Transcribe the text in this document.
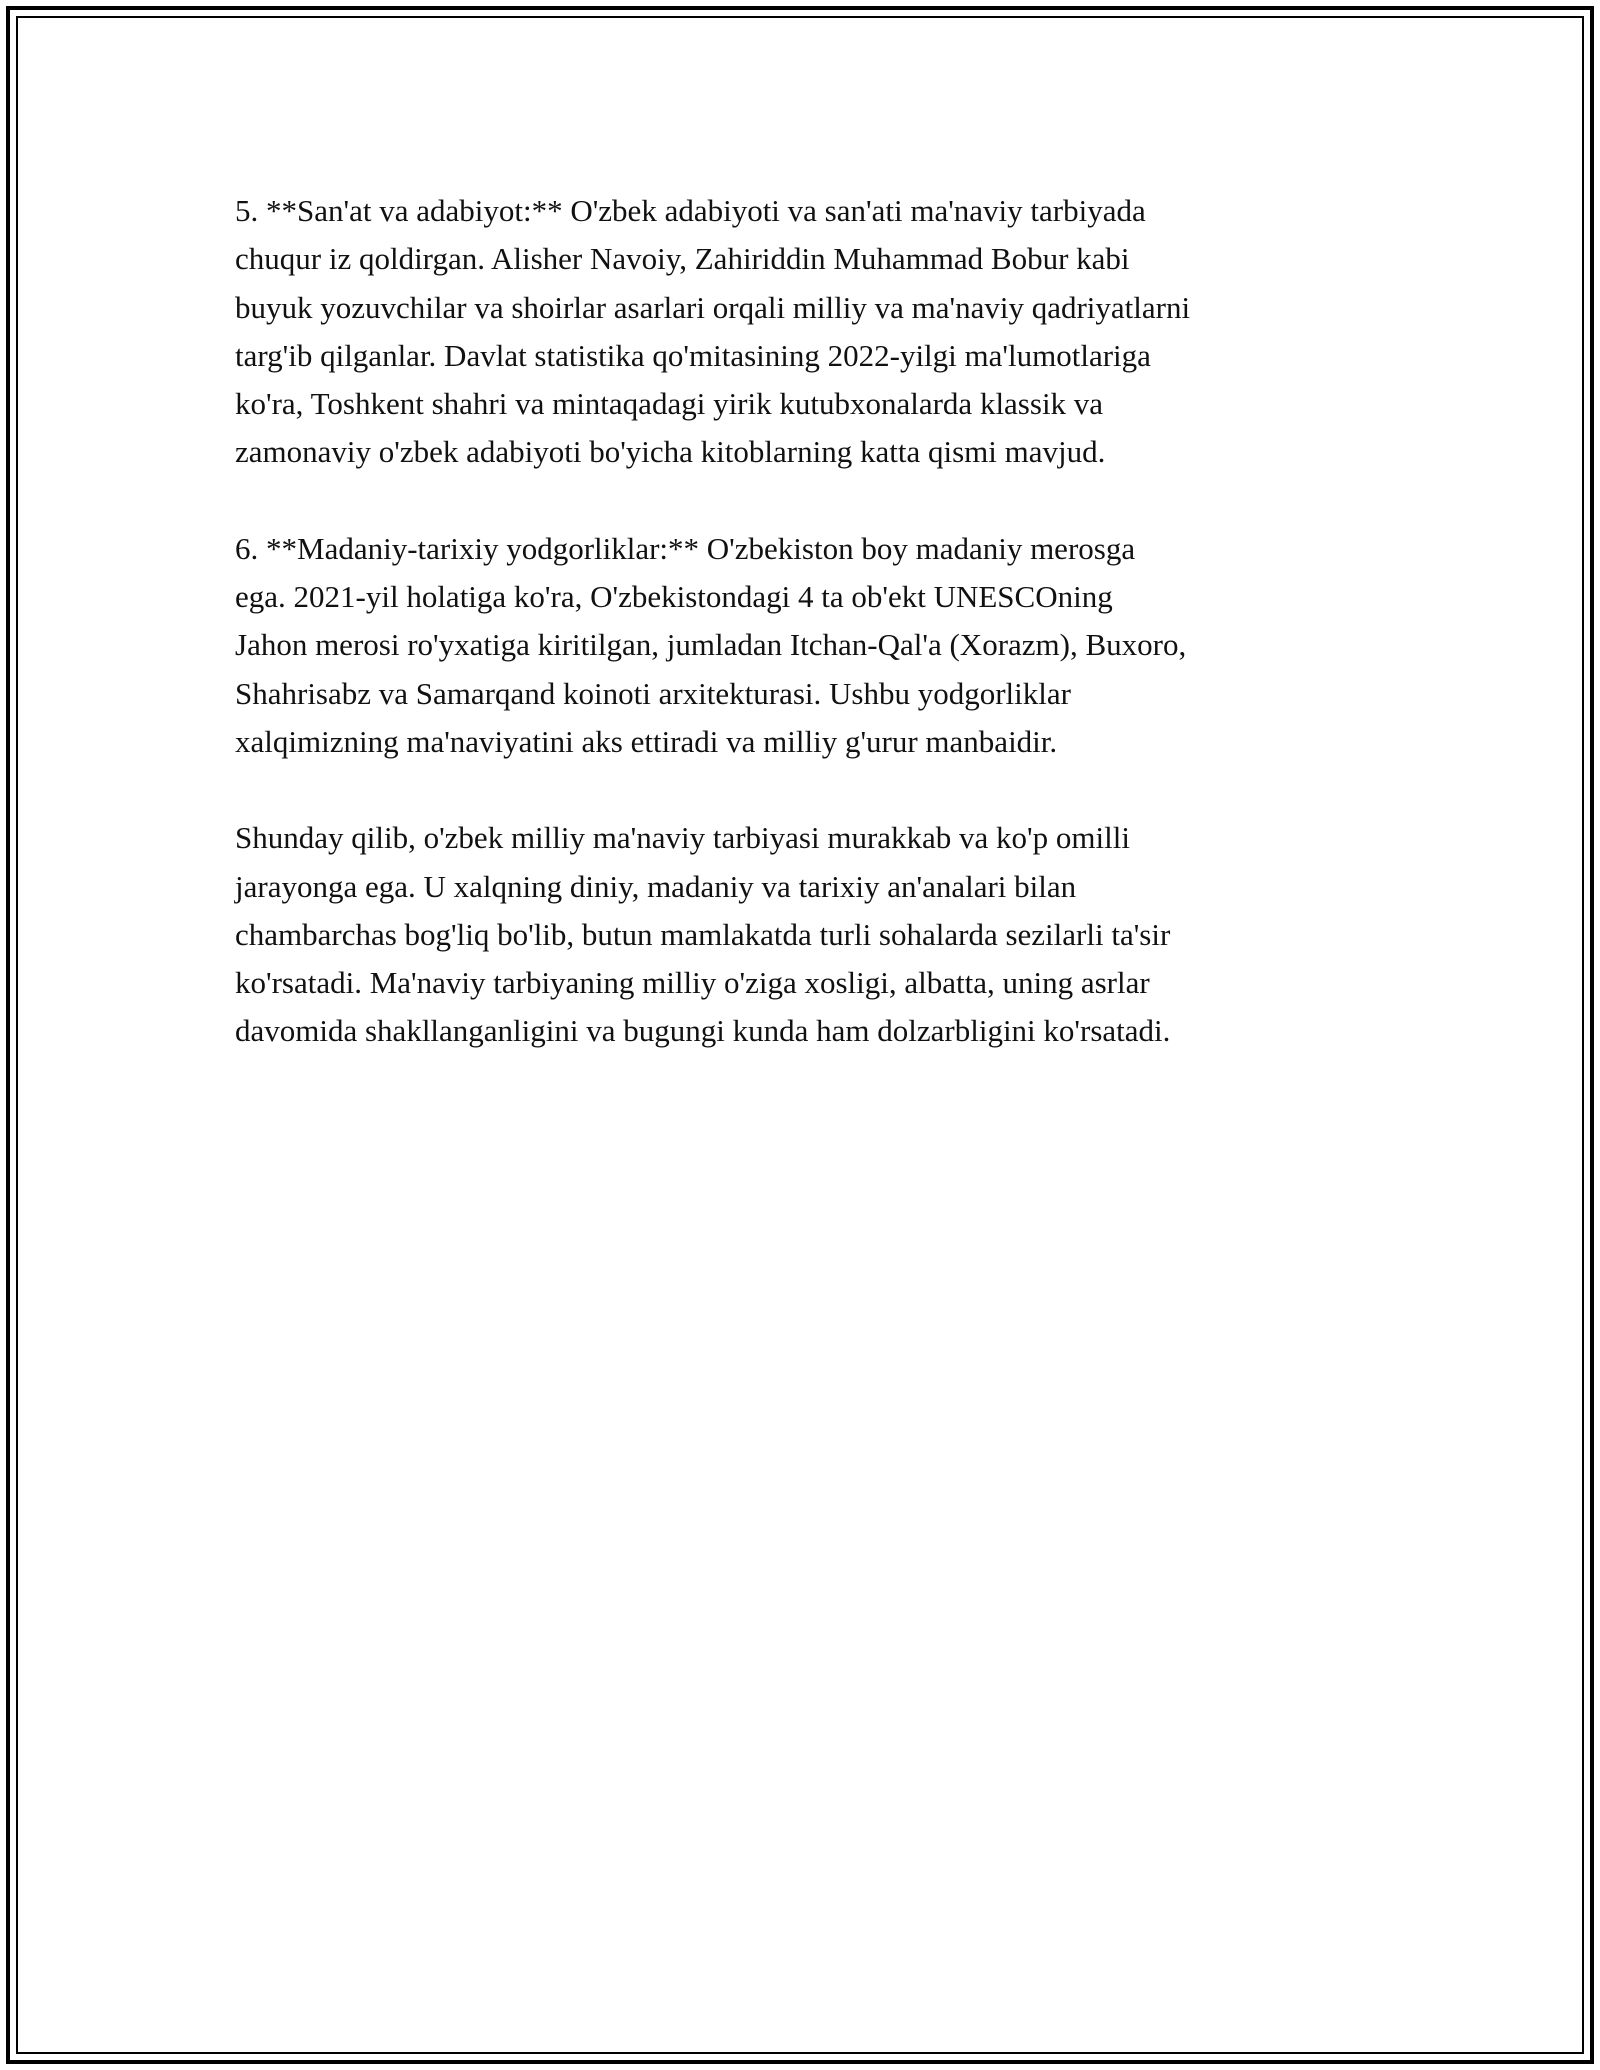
5. **San'at va adabiyot:** O'zbek adabiyoti va san'ati ma'naviy tarbiyada
chuqur iz qoldirgan. Alisher Navoiy, Zahiriddin Muhammad Bobur kabi
buyuk yozuvchilar va shoirlar asarlari orqali milliy va ma'naviy qadriyatlarni
targ'ib qilganlar. Davlat statistika qo'mitasining 2022-yilgi ma'lumotlariga
ko'ra, Toshkent shahri va mintaqadagi yirik kutubxonalarda klassik va
zamonaviy o'zbek adabiyoti bo'yicha kitoblarning katta qismi mavjud.

6. **Madaniy-tarixiy yodgorliklar:** O'zbekiston boy madaniy merosga
ega. 2021-yil holatiga ko'ra, O'zbekistondagi 4 ta ob'ekt UNESCOning
Jahon merosi ro'yxatiga kiritilgan, jumladan Itchan-Qal'a (Xorazm), Buxoro,
Shahrisabz va Samarqand koinoti arxitekturasi. Ushbu yodgorliklar
xalqimizning ma'naviyatini aks ettiradi va milliy g'urur manbaidir.

Shunday qilib, o'zbek milliy ma'naviy tarbiyasi murakkab va ko'p omilli
jarayonga ega. U xalqning diniy, madaniy va tarixiy an'analari bilan
chambarchas bog'liq bo'lib, butun mamlakatda turli sohalarda sezilarli ta'sir
ko'rsatadi. Ma'naviy tarbiyaning milliy o'ziga xosligi, albatta, uning asrlar
davomida shakllanganligini va bugungi kunda ham dolzarbligini ko'rsatadi.
